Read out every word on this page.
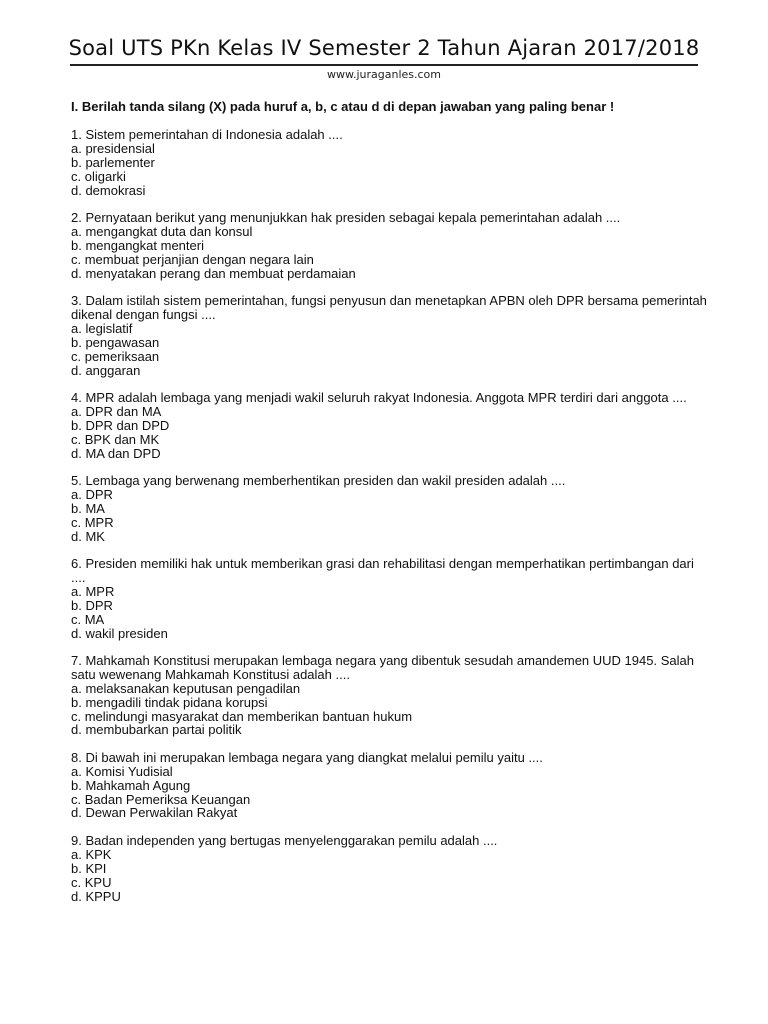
Soal UTS PKn Kelas IV Semester 2 Tahun Ajaran 2017/2018
www.juraganles.com
I. Berilah tanda silang (X) pada huruf a, b, c atau d di depan jawaban yang paling benar !
1. Sistem pemerintahan di Indonesia adalah ....
a. presidensial
b. parlementer
c. oligarki
d. demokrasi
2. Pernyataan berikut yang menunjukkan hak presiden sebagai kepala pemerintahan adalah ....
a. mengangkat duta dan konsul
b. mengangkat menteri
c. membuat perjanjian dengan negara lain
d. menyatakan perang dan membuat perdamaian
3. Dalam istilah sistem pemerintahan, fungsi penyusun dan menetapkan APBN oleh DPR bersama pemerintah dikenal dengan fungsi ....
a. legislatif
b. pengawasan
c. pemeriksaan
d. anggaran
4. MPR adalah lembaga yang menjadi wakil seluruh rakyat Indonesia. Anggota MPR terdiri dari anggota ....
a. DPR dan MA
b. DPR dan DPD
c. BPK dan MK
d. MA dan DPD
5. Lembaga yang berwenang memberhentikan presiden dan wakil presiden adalah ....
a. DPR
b. MA
c. MPR
d. MK
6. Presiden memiliki hak untuk memberikan grasi dan rehabilitasi dengan memperhatikan pertimbangan dari ....
a. MPR
b. DPR
c. MA
d. wakil presiden
7. Mahkamah Konstitusi merupakan lembaga negara yang dibentuk sesudah amandemen UUD 1945. Salah satu wewenang Mahkamah Konstitusi adalah ....
a. melaksanakan keputusan pengadilan
b. mengadili tindak pidana korupsi
c. melindungi masyarakat dan memberikan bantuan hukum
d. membubarkan partai politik
8. Di bawah ini merupakan lembaga negara yang diangkat melalui pemilu yaitu ....
a. Komisi Yudisial
b. Mahkamah Agung
c. Badan Pemeriksa Keuangan
d. Dewan Perwakilan Rakyat
9. Badan independen yang bertugas menyelenggarakan pemilu adalah ....
a. KPK
b. KPI
c. KPU
d. KPPU
